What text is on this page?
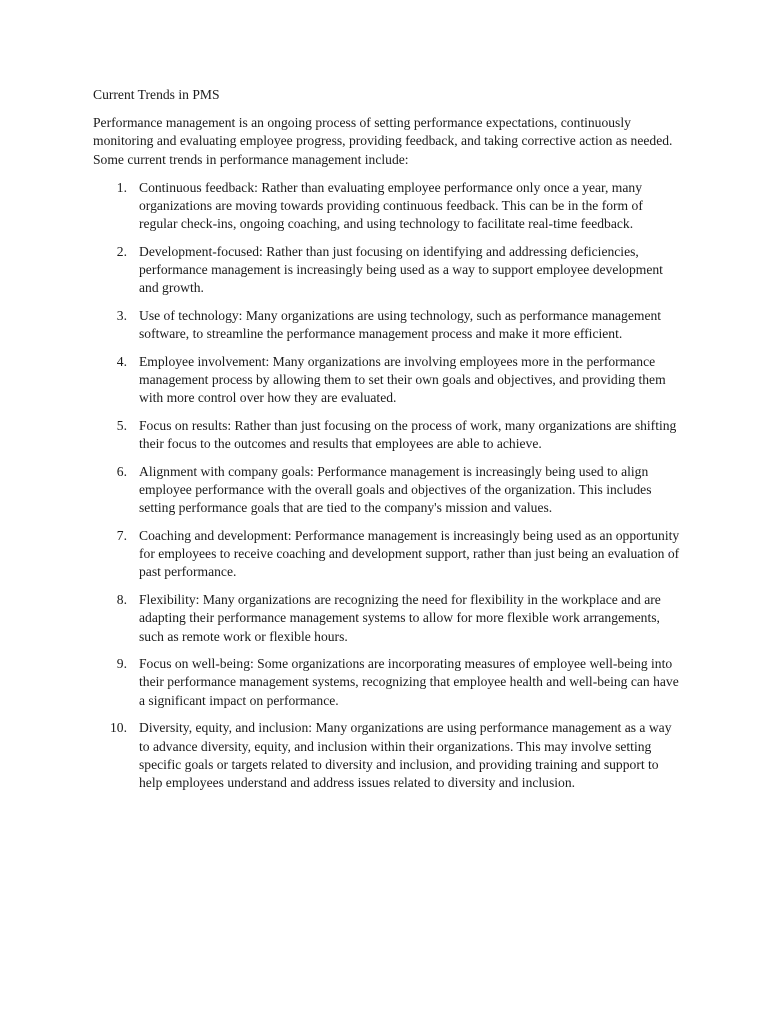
Current Trends in PMS

Performance management is an ongoing process of setting performance expectations, continuously monitoring and evaluating employee progress, providing feedback, and taking corrective action as needed. Some current trends in performance management include:

1. Continuous feedback: Rather than evaluating employee performance only once a year, many organizations are moving towards providing continuous feedback. This can be in the form of regular check-ins, ongoing coaching, and using technology to facilitate real-time feedback.
2. Development-focused: Rather than just focusing on identifying and addressing deficiencies, performance management is increasingly being used as a way to support employee development and growth.
3. Use of technology: Many organizations are using technology, such as performance management software, to streamline the performance management process and make it more efficient.
4. Employee involvement: Many organizations are involving employees more in the performance management process by allowing them to set their own goals and objectives, and providing them with more control over how they are evaluated.
5. Focus on results: Rather than just focusing on the process of work, many organizations are shifting their focus to the outcomes and results that employees are able to achieve.
6. Alignment with company goals: Performance management is increasingly being used to align employee performance with the overall goals and objectives of the organization. This includes setting performance goals that are tied to the company's mission and values.
7. Coaching and development: Performance management is increasingly being used as an opportunity for employees to receive coaching and development support, rather than just being an evaluation of past performance.
8. Flexibility: Many organizations are recognizing the need for flexibility in the workplace and are adapting their performance management systems to allow for more flexible work arrangements, such as remote work or flexible hours.
9. Focus on well-being: Some organizations are incorporating measures of employee well-being into their performance management systems, recognizing that employee health and well-being can have a significant impact on performance.
10. Diversity, equity, and inclusion: Many organizations are using performance management as a way to advance diversity, equity, and inclusion within their organizations. This may involve setting specific goals or targets related to diversity and inclusion, and providing training and support to help employees understand and address issues related to diversity and inclusion.
